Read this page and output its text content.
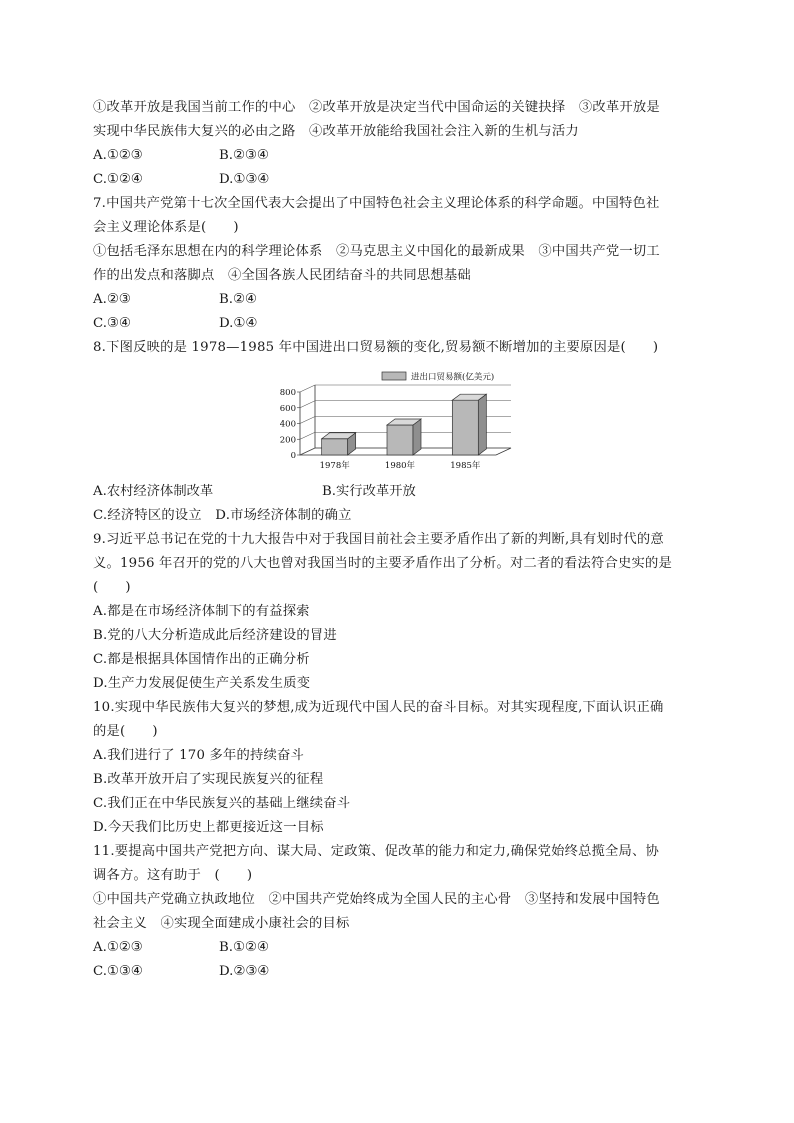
①改革开放是我国当前工作的中心　②改革开放是决定当代中国命运的关键抉择　③改革开放是
实现中华民族伟大复兴的必由之路　④改革开放能给我国社会注入新的生机与活力
A.①②③	B.②③④
C.①②④	D.①③④
7.中国共产党第十七次全国代表大会提出了中国特色社会主义理论体系的科学命题。中国特色社
会主义理论体系是(　　)
①包括毛泽东思想在内的科学理论体系　②马克思主义中国化的最新成果　③中国共产党一切工
作的出发点和落脚点　④全国各族人民团结奋斗的共同思想基础
A.②③	B.②④
C.③④	D.①④
8.下图反映的是 1978—1985 年中国进出口贸易额的变化,贸易额不断增加的主要原因是(　　)
0
200
400
600
800
1978年	1980年	1985年
进出口贸易额(亿美元)
A.农村经济体制改革	B.实行改革开放
C.经济特区的设立　D.市场经济体制的确立
9.习近平总书记在党的十九大报告中对于我国目前社会主要矛盾作出了新的判断,具有划时代的意
义。1956 年召开的党的八大也曾对我国当时的主要矛盾作出了分析。对二者的看法符合史实的是
(　　)
A.都是在市场经济体制下的有益探索
B.党的八大分析造成此后经济建设的冒进
C.都是根据具体国情作出的正确分析
D.生产力发展促使生产关系发生质变
10.实现中华民族伟大复兴的梦想,成为近现代中国人民的奋斗目标。对其实现程度,下面认识正确
的是(　　)
A.我们进行了 170 多年的持续奋斗
B.改革开放开启了实现民族复兴的征程
C.我们正在中华民族复兴的基础上继续奋斗
D.今天我们比历史上都更接近这一目标
11.要提高中国共产党把方向、谋大局、定政策、促改革的能力和定力,确保党始终总揽全局、协
调各方。这有助于　(　　)
①中国共产党确立执政地位　②中国共产党始终成为全国人民的主心骨　③坚持和发展中国特色
社会主义　④实现全面建成小康社会的目标
A.①②③	B.①②④
C.①③④	D.②③④
